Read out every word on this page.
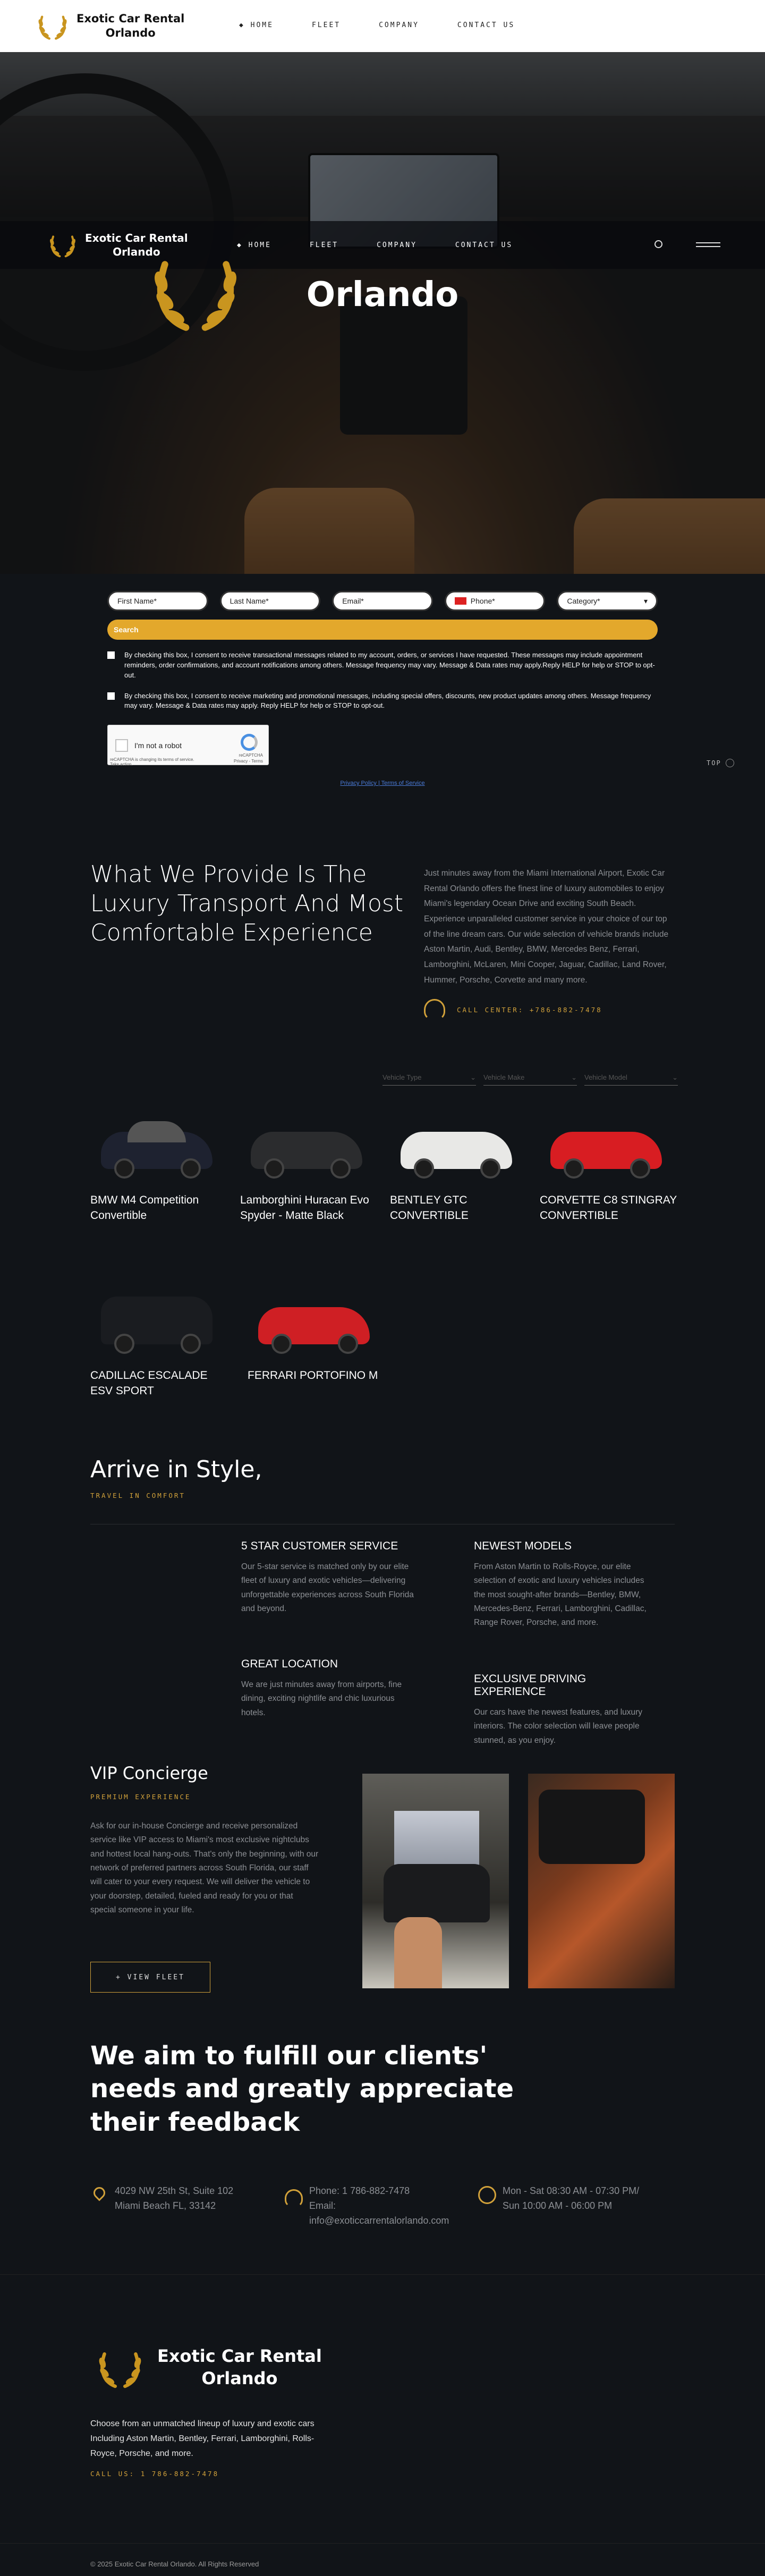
Exotic Car Rental
Orlando
◆ HOME	FLEET	COMPANY	CONTACT US
Exotic Car Rental
Orlando
◆ HOME	FLEET	COMPANY	CONTACT US
Orlando
First Name*	Last Name*	Email*	Phone*	Category*	▾
Search
By checking this box, I consent to receive transactional messages related to my account, orders, or services I have requested. These messages may include appointment reminders, order confirmations, and account notifications among others. Message frequency may vary. Message & Data rates may apply.Reply HELP for help or STOP to opt-out.
By checking this box, I consent to receive marketing and promotional messages, including special offers, discounts, new product updates among others. Message frequency may vary. Message & Data rates may apply. Reply HELP for help or STOP to opt-out.
I'm not a robot
reCAPTCHA
Privacy - Terms
reCAPTCHA is changing its terms of service. Take action.
Privacy Policy | Terms of Service
TOP
What We Provide Is The Luxury Transport And Most Comfortable Experience

Just minutes away from the Miami International Airport, Exotic Car Rental Orlando offers the finest line of luxury automobiles to enjoy Miami's legendary Ocean Drive and exciting South Beach. Experience unparalleled customer service in your choice of our top of the line dream cars. Our wide selection of vehicle brands include Aston Martin, Audi, Bentley, BMW, Mercedes Benz, Ferrari, Lamborghini, McLaren, Mini Cooper, Jaguar, Cadillac, Land Rover, Hummer, Porsche, Corvette and many more.

CALL CENTER: +786-882-7478
Vehicle Type	⌄ Vehicle Make	⌄ Vehicle Model	⌄
BMW M4 Competition Convertible
Lamborghini Huracan Evo Spyder - Matte Black
BENTLEY GTC CONVERTIBLE
CORVETTE C8 STINGRAY CONVERTIBLE
CADILLAC ESCALADE ESV SPORT
FERRARI PORTOFINO M
Arrive in Style,
TRAVEL IN COMFORT
5 STAR CUSTOMER SERVICE

Our 5-star service is matched only by our elite fleet of luxury and exotic vehicles—delivering unforgettable experiences across South Florida and beyond.

NEWEST MODELS

From Aston Martin to Rolls-Royce, our elite selection of exotic and luxury vehicles includes the most sought-after brands—Bentley, BMW, Mercedes-Benz, Ferrari, Lamborghini, Cadillac, Range Rover, Porsche, and more.

GREAT LOCATION

We are just minutes away from airports, fine dining, exciting nightlife and chic luxurious hotels.

EXCLUSIVE DRIVING EXPERIENCE

Our cars have the newest features, and luxury interiors. The color selection will leave people stunned, as you enjoy.

VIP Concierge
PREMIUM EXPERIENCE

Ask for our in-house Concierge and receive personalized service like VIP access to Miami's most exclusive nightclubs and hottest local hang-outs. That's only the beginning, with our network of preferred partners across South Florida, our staff will cater to your every request. We will deliver the vehicle to your doorstep, detailed, fueled and ready for you or that special someone in your life.

+ VIEW FLEET
We aim to fulfill our clients' needs and greatly appreciate their feedback
4029 NW 25th St, Suite 102
Miami Beach FL, 33142
Phone: 1 786-882-7478
Email:
info@exoticcarrentalorlando.com
Mon - Sat 08:30 AM - 07:30 PM/
Sun 10:00 AM - 06:00 PM
Exotic Car Rental
Orlando

Choose from an unmatched lineup of luxury and exotic cars Including Aston Martin, Bentley, Ferrari, Lamborghini, Rolls-Royce, Porsche, and more.

CALL US: 1 786-882-7478
© 2025 Exotic Car Rental Orlando. All Rights Reserved
